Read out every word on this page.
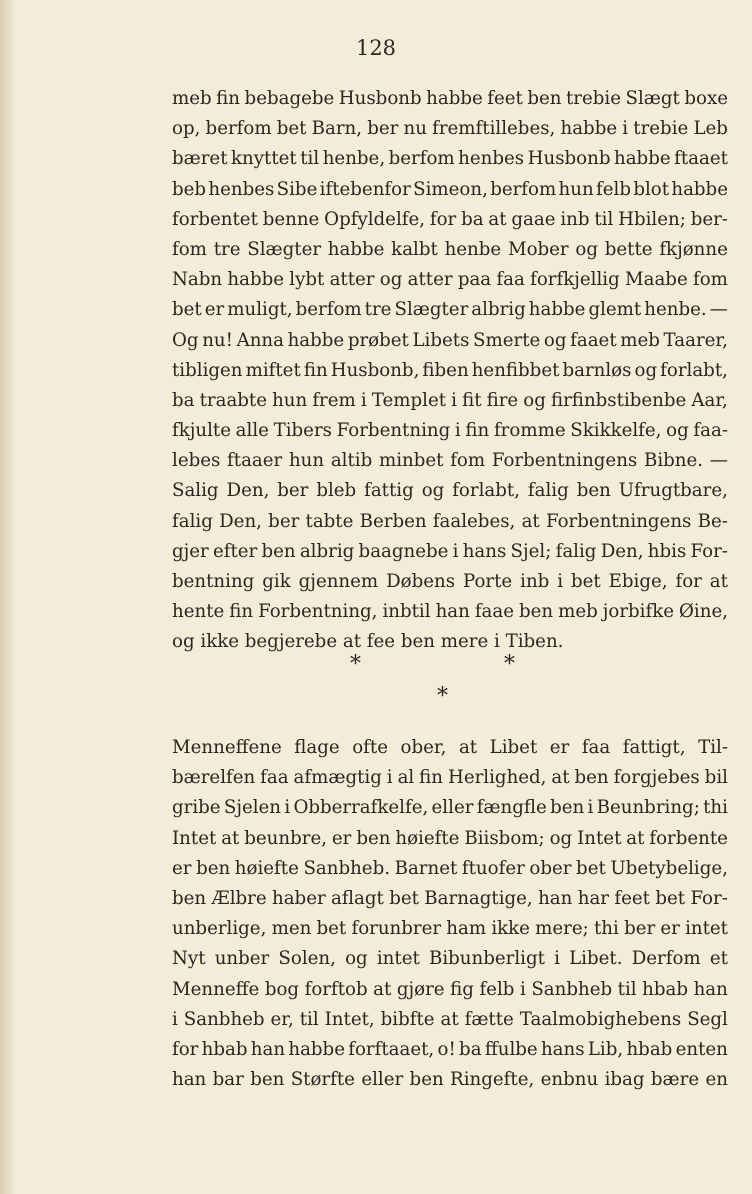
128
meb fin bebagebe Husbonb habbe feet ben trebie Slægt boxe
op, berfom bet Barn, ber nu fremftillebes, habbe i trebie Leb
bæret knyttet til henbe, berfom henbes Husbonb habbe ftaaet
beb henbes Sibe iftebenfor Simeon, berfom hun felb blot habbe
forbentet benne Opfyldelfe, for ba at gaae inb til Hbilen; ber-
fom tre Slægter habbe kalbt henbe Mober og bette fkjønne
Nabn habbe lybt atter og atter paa faa forfkjellig Maabe fom
bet er muligt, berfom tre Slægter albrig habbe glemt henbe. —
Og nu! Anna habbe prøbet Libets Smerte og faaet meb Taarer,
tibligen miftet fin Husbonb, fiben henfibbet barnløs og forlabt,
ba traabte hun frem i Templet i fit fire og firfinbstibenbe Aar,
fkjulte alle Tibers Forbentning i fin fromme Skikkelfe, og faa-
lebes ftaaer hun altib minbet fom Forbentningens Bibne. —
Salig Den, ber bleb fattig og forlabt, falig ben Ufrugtbare,
falig Den, ber tabte Berben faalebes, at Forbentningens Be-
gjer efter ben albrig baagnebe i hans Sjel; falig Den, hbis For-
bentning gik gjennem Døbens Porte inb i bet Ebige, for at
hente fin Forbentning, inbtil han faae ben meb jorbifke Øine,
og ikke begjerebe at fee ben mere i Tiben.
*	*
*
Menneffene flage ofte ober, at Libet er faa fattigt, Til-
bærelfen faa afmægtig i al fin Herlighed, at ben forgjebes bil
gribe Sjelen i Obberrafkelfe, eller fængfle ben i Beunbring; thi
Intet at beunbre, er ben høiefte Biisbom; og Intet at forbente
er ben høiefte Sanbheb. Barnet ftuofer ober bet Ubetybelige,
ben Ælbre haber aflagt bet Barnagtige, han har feet bet For-
unberlige, men bet forunbrer ham ikke mere; thi ber er intet
Nyt unber Solen, og intet Bibunberligt i Libet. Derfom et
Menneffe bog forftob at gjøre fig felb i Sanbheb til hbab han
i Sanbheb er, til Intet, bibfte at fætte Taalmobighebens Segl
for hbab han habbe forftaaet, o! ba ffulbe hans Lib, hbab enten
han bar ben Størfte eller ben Ringefte, enbnu ibag bære en
